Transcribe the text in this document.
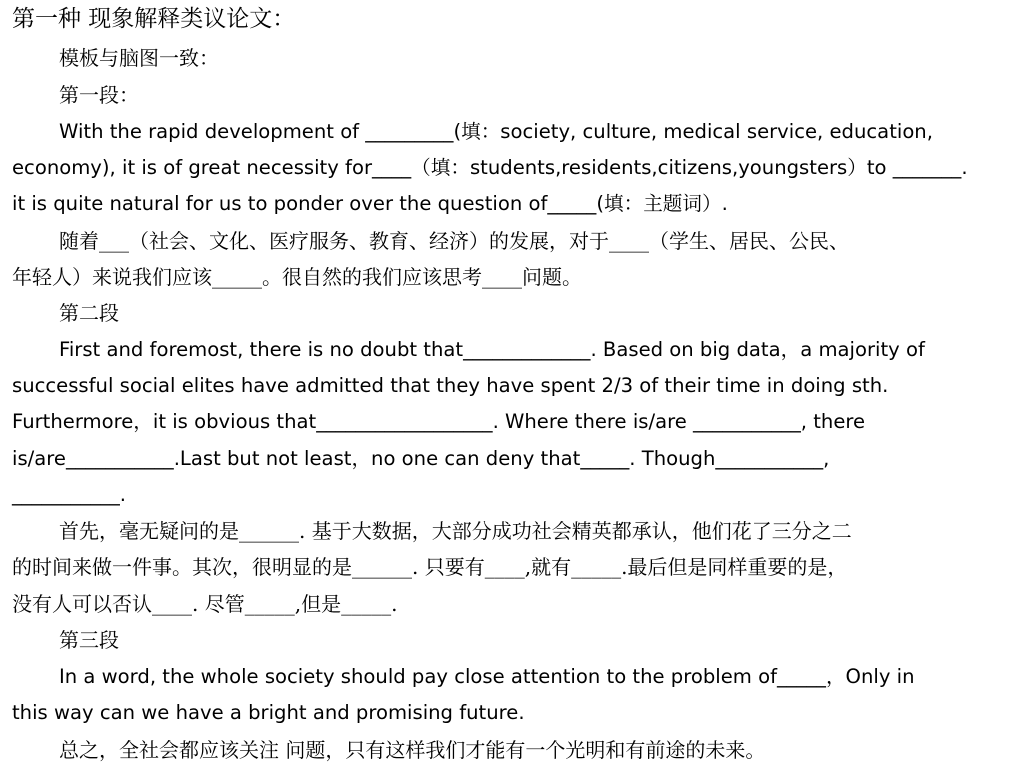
第一种 现象解释类议论文：
模板与脑图一致：
第一段：
With the rapid development of _________(填：society, culture, medical service, education,
economy), it is of great necessity for____（填：students,residents,citizens,youngsters）to _______.
it is quite natural for us to ponder over the question of_____(填：主题词）.
随着___（社会、文化、医疗服务、教育、经济）的发展，对于____（学生、居民、公民、
年轻人）来说我们应该_____。很自然的我们应该思考____问题。
第二段
First and foremost, there is no doubt that_____________. Based on big data，a majority of
successful social elites have admitted that they have spent 2/3 of their time in doing sth.
Furthermore，it is obvious that__________________. Where there is/are ___________, there
is/are___________.Last but not least，no one can deny that_____. Though___________,
___________.
首先，毫无疑问的是______. 基于大数据，大部分成功社会精英都承认，他们花了三分之二
的时间来做一件事。其次，很明显的是______. 只要有____,就有_____.最后但是同样重要的是，
没有人可以否认____. 尽管_____,但是_____.
第三段
In a word, the whole society should pay close attention to the problem of_____，Only in
this way can we have a bright and promising future.
总之，全社会都应该关注 问题，只有这样我们才能有一个光明和有前途的未来。
